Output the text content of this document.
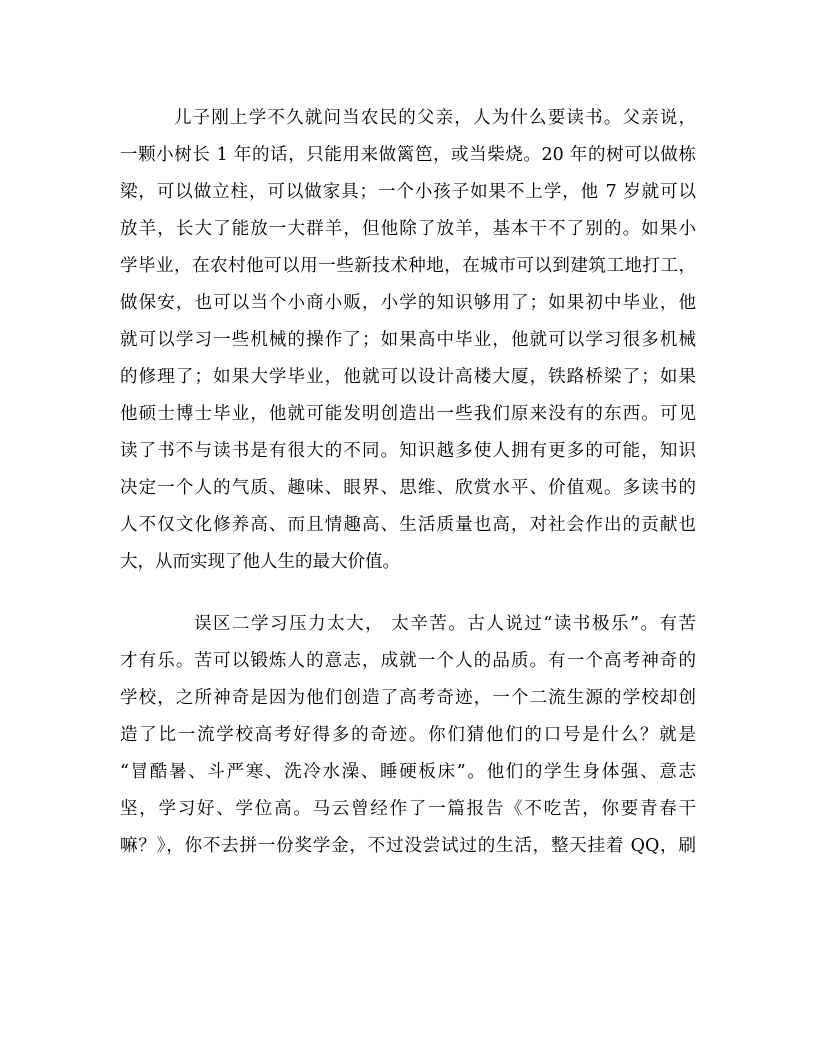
儿子刚上学不久就问当农民的父亲，人为什么要读书。父亲说，
一颗小树长 1 年的话，只能用来做篱笆，或当柴烧。20 年的树可以做栋
梁，可以做立柱，可以做家具；一个小孩子如果不上学，他 7 岁就可以
放羊，长大了能放一大群羊，但他除了放羊，基本干不了别的。如果小
学毕业，在农村他可以用一些新技术种地，在城市可以到建筑工地打工，
做保安，也可以当个小商小贩，小学的知识够用了；如果初中毕业，他
就可以学习一些机械的操作了；如果高中毕业，他就可以学习很多机械
的修理了；如果大学毕业，他就可以设计高楼大厦，铁路桥梁了；如果
他硕士博士毕业，他就可能发明创造出一些我们原来没有的东西。可见
读了书不与读书是有很大的不同。知识越多使人拥有更多的可能，知识
决定一个人的气质、趣味、眼界、思维、欣赏水平、价值观。多读书的
人不仅文化修养高、而且情趣高、生活质量也高，对社会作出的贡献也
大，从而实现了他人生的最大价值。
误区二学习压力太大， 太辛苦。古人说过“读书极乐”。有苦
才有乐。苦可以锻炼人的意志，成就一个人的品质。有一个高考神奇的
学校，之所神奇是因为他们创造了高考奇迹，一个二流生源的学校却创
造了比一流学校高考好得多的奇迹。你们猜他们的口号是什么？就是
“冒酷暑、斗严寒、洗冷水澡、睡硬板床”。他们的学生身体强、意志
坚，学习好、学位高。马云曾经作了一篇报告《不吃苦，你要青春干
嘛？》，你不去拼一份奖学金，不过没尝试过的生活，整天挂着 QQ，刷
